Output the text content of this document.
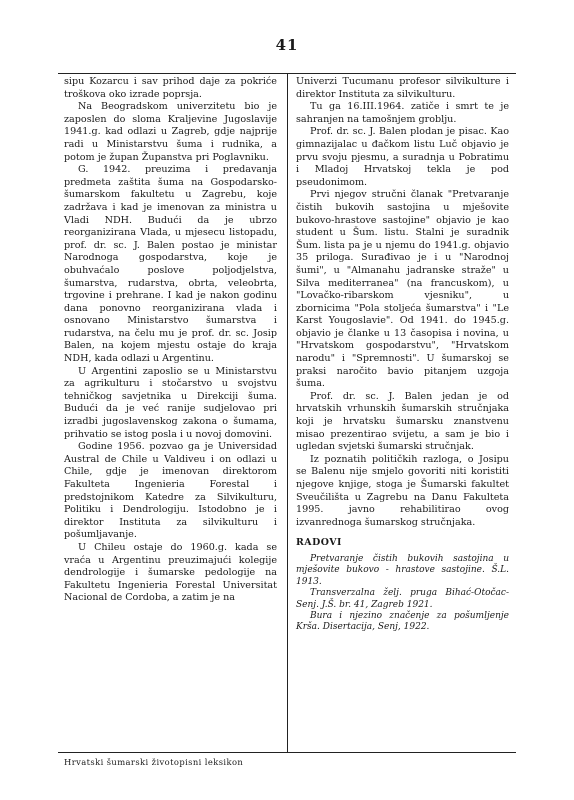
41

sipu Kozarcu i sav prihod daje za pokriće troškova oko izrade poprsja.

Na Beogradskom univerzitetu bio je zaposlen do sloma Kraljevine Jugoslavije 1941.g. kad odlazi u Zagreb, gdje najprije radi u Ministarstvu šuma i rudnika, a potom je župan Županstva pri Poglavniku.

G. 1942. preuzima i predavanja predmeta zaštita šuma na Gospodarsko-šumarskom fakultetu u Zagrebu, koje zadržava i kad je imenovan za ministra u Vladi NDH. Budući da je ubrzo reorganizirana Vlada, u mjesecu listopadu, prof. dr. sc. J. Balen postao je ministar Narodnoga gospodarstva, koje je obuhvaćalo poslove poljodjelstva, šumarstva, rudarstva, obrta, veleobrta, trgovine i prehrane. I kad je nakon godinu dana ponovno reorganizirana vlada i osnovano Ministarstvo šumarstva i rudarstva, na čelu mu je prof. dr. sc. Josip Balen, na kojem mjestu ostaje do kraja NDH, kada odlazi u Argentinu.

U Argentini zaposlio se u Ministarstvu za agrikulturu i stočarstvo u svojstvu tehničkog savjetnika u Direkciji šuma. Budući da je već ranije sudjelovao pri izradbi jugoslavenskog zakona o šumama, prihvatio se istog posla i u novoj domovini.

Godine 1956. pozvao ga je Universidad Austral de Chile u Valdiveu i on odlazi u Chile, gdje je imenovan direktorom Fakulteta Ingenieria Forestal i predstojnikom Katedre za Silvikulturu, Politiku i Dendrologiju. Istodobno je i direktor Instituta za silvikulturu i pošumljavanje.

U Chileu ostaje do 1960.g. kada se vraća u Argentinu preuzimajući kolegije dendrologije i šumarske pedologije na Fakultetu Ingenieria Forestal Universitat Nacional de Cordoba, a zatim je na

Univerzi Tucumanu profesor silvikulture i direktor Instituta za silvikulturu.

Tu ga 16.III.1964. zatiče i smrt te je sahranjen na tamošnjem groblju.

Prof. dr. sc. J. Balen plodan je pisac. Kao gimnazijalac u đačkom listu Luč objavio je prvu svoju pjesmu, a suradnja u Pobratimu i Mladoj Hrvatskoj tekla je pod pseudonimom.

Prvi njegov stručni članak "Pretvaranje čistih bukovih sastojina u mješovite bukovo-hrastove sastojine" objavio je kao student u Šum. listu. Stalni je suradnik Šum. lista pa je u njemu do 1941.g. objavio 35 priloga. Surađivao je i u "Narodnoj šumi", u "Almanahu jadranske straže" u Silva mediterranea" (na francuskom), u "Lovačko-ribarskom vjesniku", u zbornicima "Pola stoljeća šumarstva" i "Le Karst Yougoslavie". Od 1941. do 1945.g. objavio je članke u 13 časopisa i novina, u "Hrvatskom gospodarstvu", "Hrvatskom narodu" i "Spremnosti". U šumarskoj se praksi naročito bavio pitanjem uzgoja šuma.

Prof. dr. sc. J. Balen jedan je od hrvatskih vrhunskih šumarskih stručnjaka koji je hrvatsku šumarsku znanstvenu misao prezentirao svijetu, a sam je bio i ugledan svjetski šumarski stručnjak.

Iz poznatih političkih razloga, o Josipu se Balenu nije smjelo govoriti niti koristiti njegove knjige, stoga je Šumarski fakultet Sveučilišta u Zagrebu na Danu Fakulteta 1995. javno rehabilitirao ovog izvanrednoga šumarskog stručnjaka.

RADOVI

Pretvaranje čistih bukovih sastojina u mješovite bukovo - hrastove sastojine. Š.L. 1913.

Transverzalna želj. pruga Bihać-Otočac-Senj. J.Š. br. 41, Zagreb 1921.

Bura i njezino značenje za pošumljenje Krša. Disertacija, Senj, 1922.

Hrvatski šumarski životopisni leksikon
